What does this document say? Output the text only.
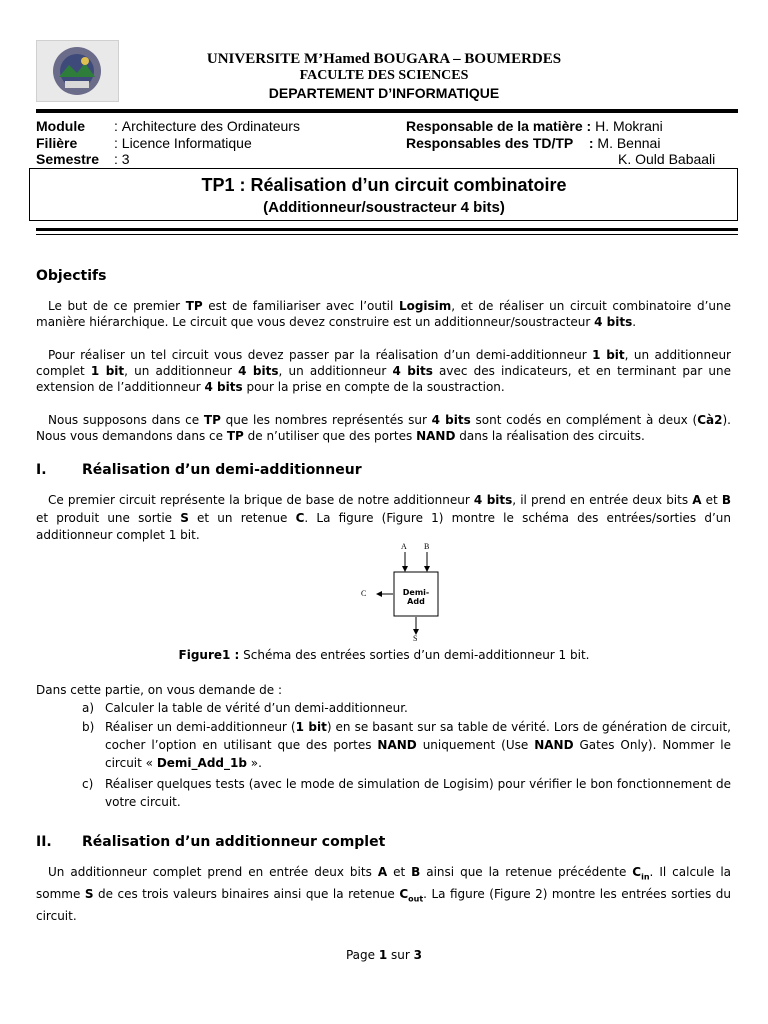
UNIVERSITE M’Hamed BOUGARA – BOUMERDES
FACULTE DES SCIENCES
DEPARTEMENT D’INFORMATIQUE
Module : Architecture des Ordinateurs
Filière	: Licence Informatique
Semestre : 3
Responsable de la matière : H. Mokrani
Responsables des TD/TP    : M. Bennai
K. Ould Babaali
TP1 : Réalisation d’un circuit combinatoire
(Additionneur/soustracteur 4 bits)
Objectifs

Le but de ce premier TP est de familiariser avec l’outil Logisim, et de réaliser un circuit combinatoire d’une manière hiérarchique. Le circuit que vous devez construire est un additionneur/soustracteur 4 bits.

Pour réaliser un tel circuit vous devez passer par la réalisation d’un demi-additionneur 1 bit, un additionneur complet 1 bit, un additionneur 4 bits, un additionneur 4 bits avec des indicateurs, et en terminant par une extension de l’additionneur 4 bits pour la prise en compte de la soustraction.

Nous supposons dans ce TP que les nombres représentés sur 4 bits sont codés en complément à deux (Cà2). Nous vous demandons dans ce TP de n’utiliser que des portes NAND dans la réalisation des circuits.

I.	Réalisation d’un demi-additionneur

Ce premier circuit représente la brique de base de notre additionneur 4 bits, il prend en entrée deux bits A et B et produit une sortie S et un retenue C. La figure (Figure 1) montre le schéma des entrées/sorties d’un additionneur complet 1 bit.

A B
C
S
Demi-Add
Figure1 : Schéma des entrées sorties d’un demi-additionneur 1 bit.
Dans cette partie, on vous demande de :
a) Calculer la table de vérité d’un demi-additionneur.
b) Réaliser un demi-additionneur (1 bit) en se basant sur sa table de vérité. Lors de génération de circuit, cocher l’option en utilisant que des portes NAND uniquement (Use NAND Gates Only). Nommer le circuit « Demi_Add_1b ».
c) Réaliser quelques tests (avec le mode de simulation de Logisim) pour vérifier le bon fonctionnement de votre circuit.
II. Réalisation d’un additionneur complet

Un additionneur complet prend en entrée deux bits A et B ainsi que la retenue précédente $C_{in}$. Il calcule la somme S de ces trois valeurs binaires ainsi que la retenue $C_{out}$. La figure (Figure 2) montre les entrées sorties du circuit.

Page 1 sur 3
